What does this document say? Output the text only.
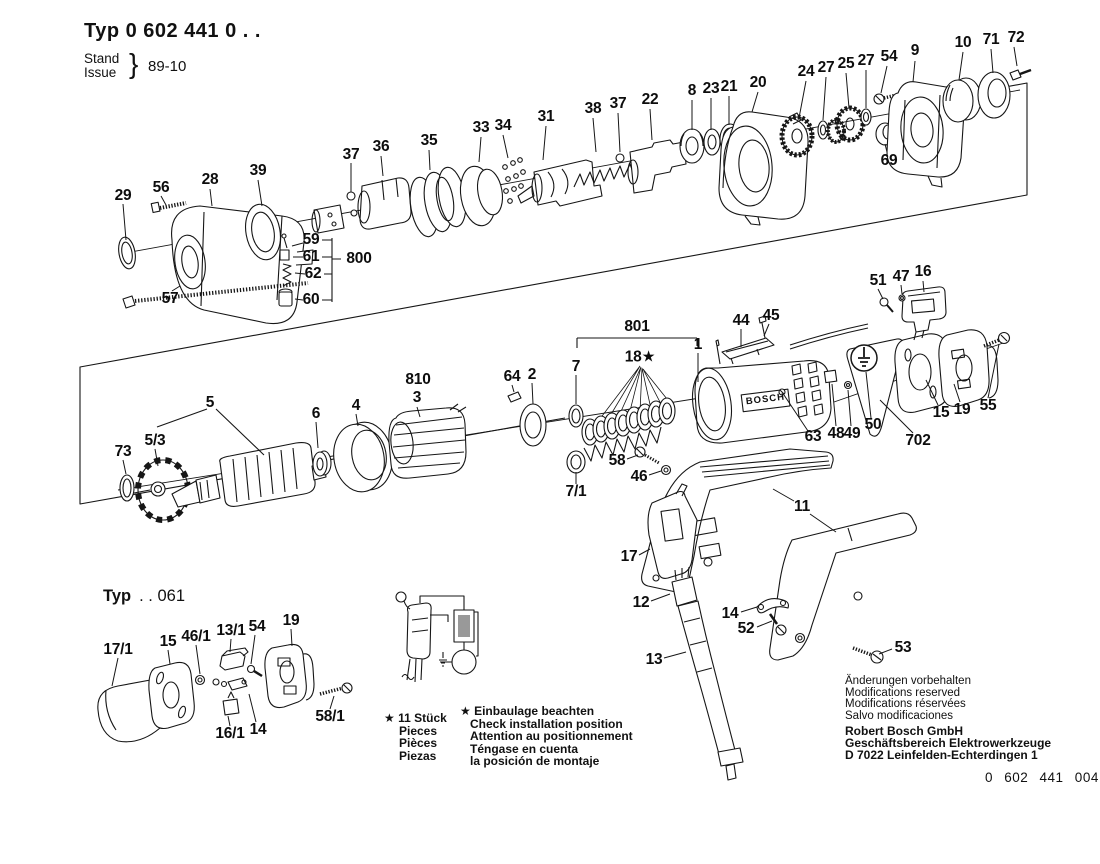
Typ 0 602 441 0 . .
Stand
Issue } 89-10
Typ . . 061
BOSCH
★ 11 Stück
Pieces
Pièces
Piezas
★ Einbaulage beachten
Check installation position
Attention au positionnement
Téngase en cuenta
la posición de montaje
Änderungen vorbehalten
Modifications reserved
Modifications réservées
Salvo modificaciones
Robert Bosch GmbH
Geschäftsbereich Elektrowerkzeuge
D 7022 Leinfelden-Echterdingen 1
0 602 441 004
29 56 28
39
57
37 36 35
33 34
31 38 37 22
8 23 21 20
24 27 25 27 54 9 10 71 72
69
59
61
62
60
800
801
18★
7
1
44 45
51 47 16
73
5/3
5
6 4
810
3
64 2
63 48 49
50
702
15 19 55
58
46
7/1
11
17
12
14
52
13
53
17/1 15 46/1 13/1 54 19
16/1 14
58/1
